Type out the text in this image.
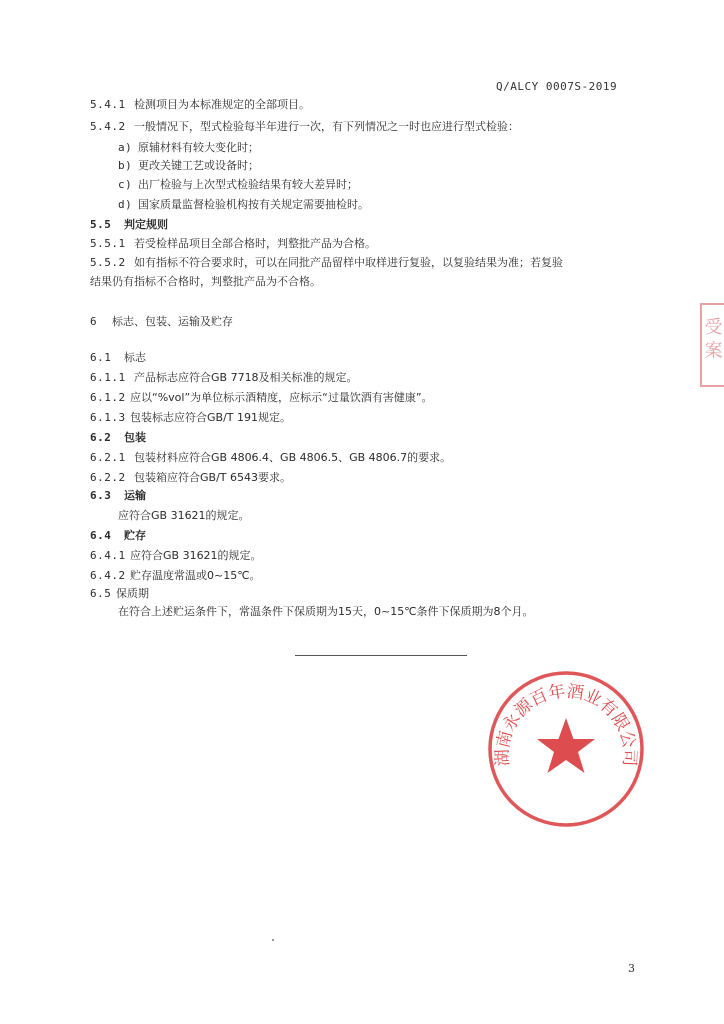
Q/ALCY 0007S-2019
5.4.1 检测项目为本标准规定的全部项目。
5.4.2 一般情况下，型式检验每半年进行一次，有下列情况之一时也应进行型式检验：
a) 原辅材料有较大变化时；
b) 更改关键工艺或设备时；
c) 出厂检验与上次型式检验结果有较大差异时；
d) 国家质量监督检验机构按有关规定需要抽检时。
5.5 判定规则
5.5.1 若受检样品项目全部合格时，判整批产品为合格。
5.5.2 如有指标不符合要求时，可以在同批产品留样中取样进行复验，以复验结果为准；若复验
结果仍有指标不合格时，判整批产品为不合格。
6 标志、包装、运输及贮存
6.1 标志
6.1.1 产品标志应符合GB 7718及相关标准的规定。
6.1.2 应以“%vol”为单位标示酒精度，应标示“过量饮酒有害健康”。
6.1.3 包装标志应符合GB/T 191规定。
6.2 包装
6.2.1 包装材料应符合GB 4806.4、GB 4806.5、GB 4806.7的要求。
6.2.2 包装箱应符合GB/T 6543要求。
6.3 运输
应符合GB 31621的规定。
6.4 贮存
6.4.1 应符合GB 31621的规定。
6.4.2 贮存温度常温或0~15℃。
6.5 保质期
在符合上述贮运条件下，常温条件下保质期为15天，0~15℃条件下保质期为8个月。
受 案
湖南永源百年酒业有限公司
3
